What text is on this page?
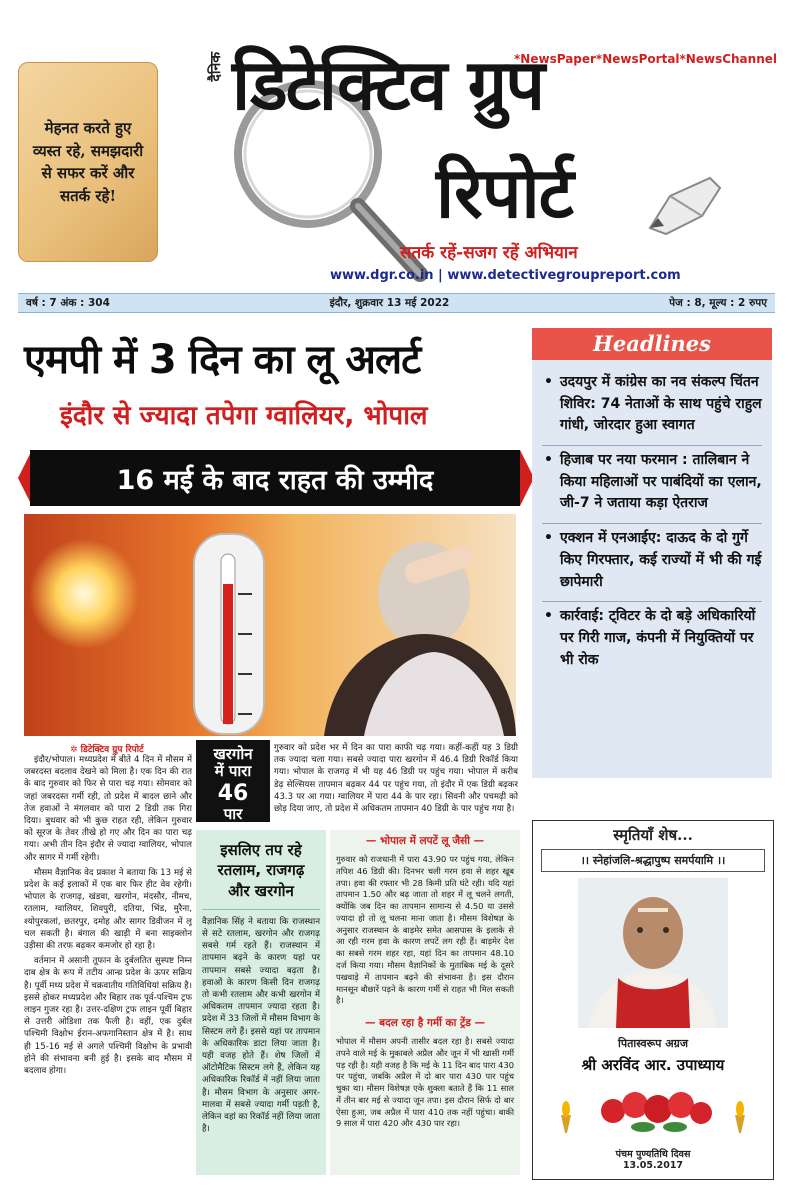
मेहनत करते हुए व्यस्त रहे, समझदारी से सफर करें और सतर्क रहे!
दैनिक डिटेक्टिव ग्रुप
रिपोर्ट
*NewsPaper*NewsPortal*NewsChannel
सतर्क रहें-सजग रहें अभियान
www.dgr.co.in | www.detectivegroupreport.com
वर्ष : 7 अंक : 304	इंदौर, शुक्रवार 13 मई 2022	पेज : 8, मूल्य : 2 रुपए
एमपी में 3 दिन का लू अलर्ट
इंदौर से ज्यादा तपेगा ग्वालियर, भोपाल
16 मई के बाद राहत की उम्मीद
Headlines
• उदयपुर में कांग्रेस का नव संकल्प चिंतन शिविर: 74 नेताओं के साथ पहुंचे राहुल गांधी, जोरदार हुआ स्वागत
• हिजाब पर नया फरमान : तालिबान ने किया महिलाओं पर पाबंदियों का एलान, जी-7 ने जताया कड़ा ऐतराज
• एक्शन में एनआईए: दाऊद के दो गुर्गे किए गिरफ्तार, कई राज्यों में भी की गई छापेमारी
• कार्रवाई: ट्विटर के दो बड़े अधिकारियों पर गिरी गाज, कंपनी में नियुक्तियों पर भी रोक
✲ डिटेक्टिव ग्रुप रिपोर्ट

इंदौर/भोपाल। मध्यप्रदेश में बीते 4 दिन में मौसम में जबरदस्त बदलाव देखने को मिला है। एक दिन की रात के बाद गुरुवार को फिर से पारा चढ़ गया। सोमवार को जहां जबरदस्त गर्मी रही, तो प्रदेश में बादल छाने और तेज हवाओं ने मंगलवार को पारा 2 डिग्री तक गिरा दिया। बुधवार को भी कुछ राहत रही, लेकिन गुरुवार को सूरज के तेवर तीखे हो गए और दिन का पारा चढ़ गया। अभी तीन दिन इंदौर से ज्यादा ग्वालियर, भोपाल और सागर में गर्मी रहेगी।

मौसम वैज्ञानिक वेद प्रकाश ने बताया कि 13 मई से प्रदेश के कई इलाकों में एक बार फिर हीट वेव रहेगी। भोपाल के राजगढ़, खंडवा, खरगोन, मंदसौर, नीमच, रतलाम, ग्वालियर, शिवपुरी, दतिया, भिंड, मुरैना, श्योपुरकलां, छतरपुर, दमोह और सागर डिवीजन में लू चल सकती है। बंगाल की खाड़ी में बना साइक्लोन उड़ीसा की तरफ बढ़कर कमजोर हो रहा है।

वर्तमान में असानी तूफान के दुर्बलतित सुस्पष्ट निम्न दाब क्षेत्र के रूप में तटीय आन्ध्र प्रदेश के ऊपर सक्रिय है। पूर्वी मध्य प्रदेश में चक्रवातीय गतिविधियां सक्रिय है। इससे होकर मध्यप्रदेश और बिहार तक पूर्व-पश्चिम ट्रफ लाइन गुजर रहा है। उत्तर-दक्षिण ट्रफ लाइन पूर्वी बिहार से उत्तरी ओडिशा तक फैली है। वहीं, एक दुर्बल पश्चिमी विक्षोभ ईरान-अफगानिस्तान क्षेत्र में है। साथ ही 15-16 मई से अगले पश्चिमी विक्षोभ के प्रभावी होने की संभावना बनी हुई है। इसके बाद मौसम में बदलाव होगा।

खरगोन
में पारा
46
पार
गुरुवार को प्रदेश भर में दिन का पारा काफी चढ़ गया। कहीं-कहीं यह 3 डिग्री तक ज्यादा चला गया। सबसे ज्यादा पारा खरगोन में 46.4 डिग्री रिकॉर्ड किया गया। भोपाल के राजगढ़ में भी यह 46 डिग्री पर पहुंच गया। भोपाल में करीब डेढ़ सेल्सियस तापमान बढ़कर 44 पर पहुंच गया, तो इंदौर में एक डिग्री बढ़कर 43.3 पर आ गया। ग्वालियर में पारा 44 के पार रहा। सिवनी और पचमढ़ी को छोड़ दिया जाए, तो प्रदेश में अधिकतम तापमान 40 डिग्री के पार पहुंच गया है।
इसलिए तप रहे रतलाम, राजगढ़ और खरगोन
वैज्ञानिक सिंह ने बताया कि राजस्थान से सटे रतलाम, खरगोन और राजगढ़ सबसे गर्म रहते हैं। राजस्थान में तापमान बढ़ने के कारण यहां पर तापमान सबसे ज्यादा बढ़ता है। हवाओं के कारण किसी दिन राजगढ़ तो कभी रतलाम और कभी खरगोन में अधिकतम तापमान ज्यादा रहता है। प्रदेश में 33 जिलों में मौसम विभाग के सिस्टम लगे हैं। इससे यहां पर तापमान के अधिकारिक डाटा लिया जाता है। यही वजह होते हैं। शेष जिलों में ऑटोमैटिक सिस्टम लगे हैं, लेकिन यह अधिकारिक रिकॉर्ड में नहीं लिया जाता है। मौसम विभाग के अनुसार अगर-मालवा में सबसे ज्यादा गर्मी पड़ती है, लेकिन वहां का रिकॉर्ड नहीं लिया जाता है।
— भोपाल में लपटें लू जैसी —
गुरुवार को राजधानी में पारा 43.90 पर पहुंच गया, लेकिन तपिश 46 डिग्री की। दिनभर चली गरम हवा से शहर खूब तपा। हवा की रफ्तार भी 28 किमी प्रति घंटे रही। यदि यहां तापमान 1.50 और बढ़ जाता तो शहर में लू चलने लगती, क्योंकि जब दिन का तापमान सामान्य से 4.50 या उससे ज्यादा हो तो लू चलना माना जाता है। मौसम विशेषज्ञ के अनुसार राजस्थान के बाड़मेर समेत आसपास के इलाके से आ रही गरम हवा के कारण लपटें लग रही हैं। बाड़मेर देश का सबसे गरम शहर रहा, यहां दिन का तापमान 48.10 दर्ज किया गया। मौसम वैज्ञानिकों के मुताबिक मई के दूसरे पखवाड़े में तापमान बढ़ने की संभावना है। इस दौरान मानसून बौछारें पड़ने के कारण गर्मी से राहत भी मिल सकती है।
— बदल रहा है गर्मी का ट्रेंड —
भोपाल में मौसम अपनी तासीर बदल रहा है। सबसे ज्यादा तपने वाले मई के मुकाबले अप्रैल और जून में भी खासी गर्मी पड़ रही है। यही वजह है कि मई के 11 दिन बाद पारा 430 पर पहुंचा, जबकि अप्रैल में दो बार पारा 430 पार पहुंच चुका था। मौसम विशेषज्ञ एके शुक्ला बताते हैं कि 11 साल में तीन बार मई से ज्यादा जून तपा। इस दौरान सिर्फ दो बार ऐसा हुआ, जब अप्रैल में पारा 410 तक नहीं पहुंचा। बाकी 9 साल में पारा 420 और 430 पार रहा।
स्मृतियाँ शेष...
।। स्नेहांजलि-श्रद्धापुष्प समर्पयामि ।।
पितास्वरूप अग्रज
श्री अरविंद आर. उपाध्याय
पंचम पुण्यतिथि दिवस
13.05.2017
